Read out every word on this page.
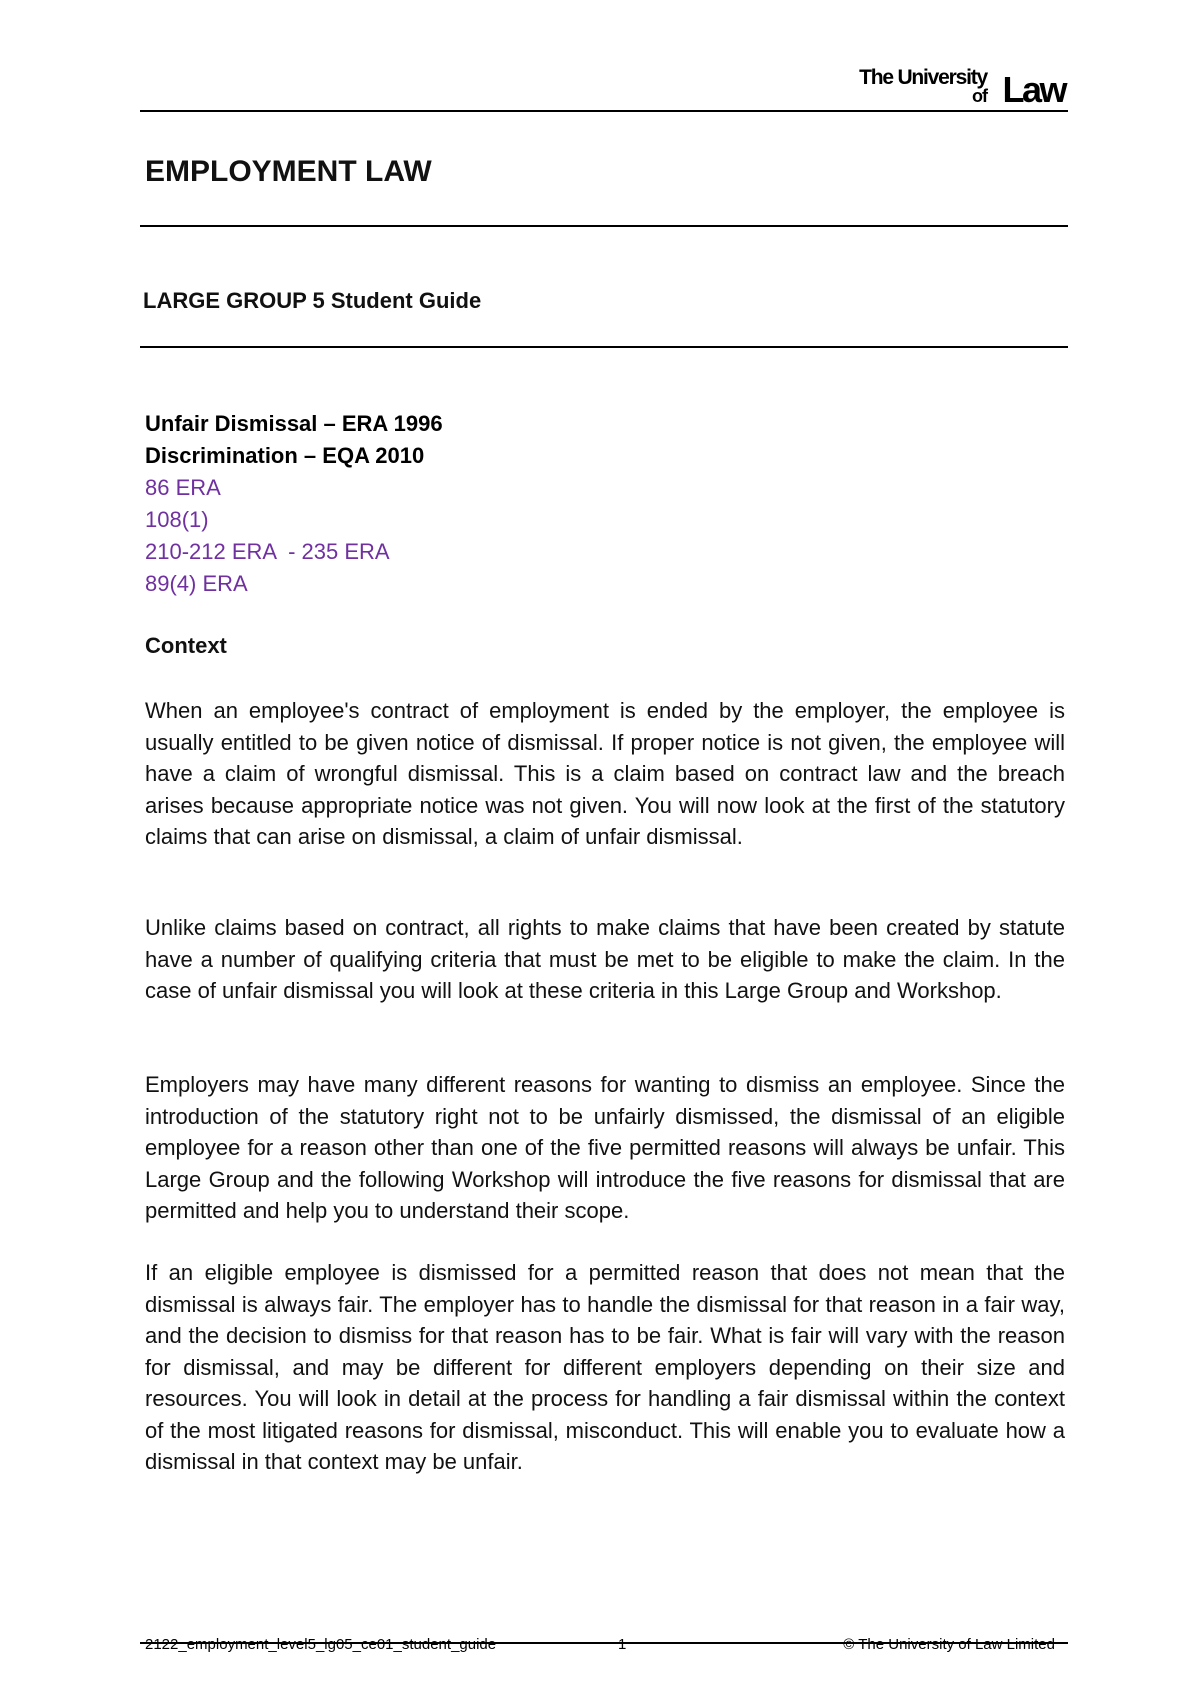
The University
of Law
EMPLOYMENT LAW
LARGE GROUP 5 Student Guide
Unfair Dismissal – ERA 1996
Discrimination – EQA 2010
86 ERA
108(1)
210-212 ERA  - 235 ERA
89(4) ERA
Context
When an employee's contract of employment is ended by the employer, the employee is usually entitled to be given notice of dismissal. If proper notice is not given, the employee will have a claim of wrongful dismissal. This is a claim based on contract law and the breach arises because appropriate notice was not given. You will now look at the first of the statutory claims that can arise on dismissal, a claim of unfair dismissal.
Unlike claims based on contract, all rights to make claims that have been created by statute have a number of qualifying criteria that must be met to be eligible to make the claim. In the case of unfair dismissal you will look at these criteria in this Large Group and Workshop.
Employers may have many different reasons for wanting to dismiss an employee. Since the introduction of the statutory right not to be unfairly dismissed, the dismissal of an eligible employee for a reason other than one of the five permitted reasons will always be unfair. This Large Group and the following Workshop will introduce the five reasons for dismissal that are permitted and help you to understand their scope.
If an eligible employee is dismissed for a permitted reason that does not mean that the dismissal is always fair. The employer has to handle the dismissal for that reason in a fair way, and the decision to dismiss for that reason has to be fair. What is fair will vary with the reason for dismissal, and may be different for different employers depending on their size and resources. You will look in detail at the process for handling a fair dismissal within the context of the most litigated reasons for dismissal, misconduct. This will enable you to evaluate how a dismissal in that context may be unfair.
2122_employment_level5_lg05_ce01_student_guide	1	© The University of Law Limited
